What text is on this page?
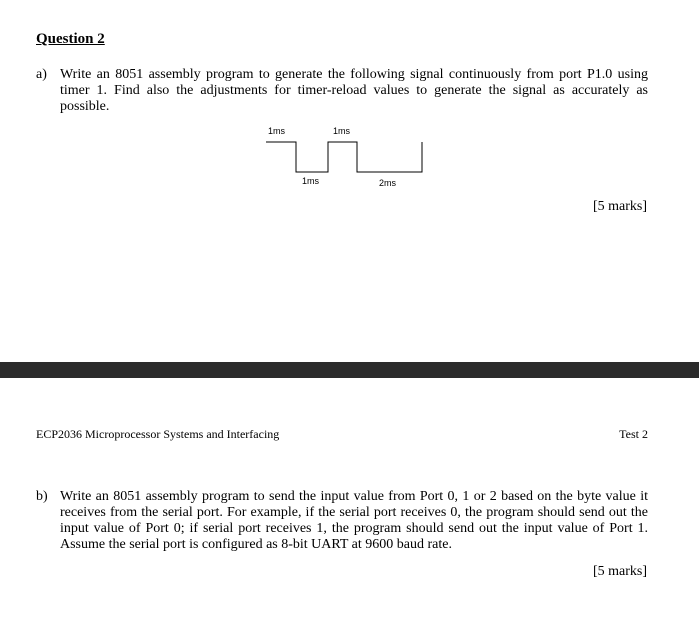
Question 2
a) Write an 8051 assembly program to generate the following signal continuously from port P1.0 using timer 1. Find also the adjustments for timer-reload values to generate the signal as accurately as possible.
1ms	1ms
1ms	2ms
[5 marks]
ECP2036 Microprocessor Systems and Interfacing	Test 2
b) Write an 8051 assembly program to send the input value from Port 0, 1 or 2 based on the byte value it receives from the serial port. For example, if the serial port receives 0, the program should send out the input value of Port 0; if serial port receives 1, the program should send out the input value of Port 1. Assume the serial port is configured as 8-bit UART at 9600 baud rate.
[5 marks]
